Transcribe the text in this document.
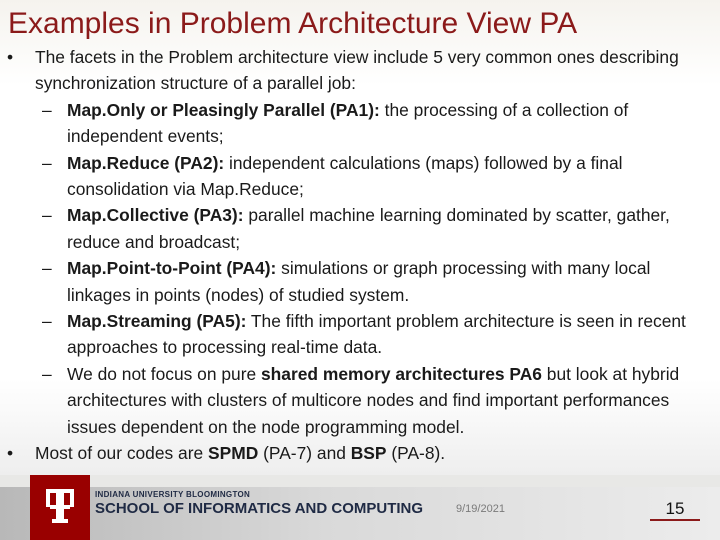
Examples in Problem Architecture View PA
• The facets in the Problem architecture view include 5 very common ones describing synchronization structure of a parallel job:
– Map.Only or Pleasingly Parallel (PA1): the processing of a collection of independent events;
– Map.Reduce (PA2): independent calculations (maps) followed by a final consolidation via Map.Reduce;
– Map.Collective (PA3): parallel machine learning dominated by scatter, gather, reduce and broadcast;
– Map.Point-to-Point (PA4): simulations or graph processing with many local linkages in points (nodes) of studied system.
– Map.Streaming (PA5): The fifth important problem architecture is seen in recent approaches to processing real-time data.
– We do not focus on pure shared memory architectures PA6 but look at hybrid architectures with clusters of multicore nodes and find important performances issues dependent on the node programming model.
• Most of our codes are SPMD (PA-7) and BSP (PA-8).
INDIANA UNIVERSITY BLOOMINGTON
SCHOOL OF INFORMATICS AND COMPUTING	9/19/2021	15
